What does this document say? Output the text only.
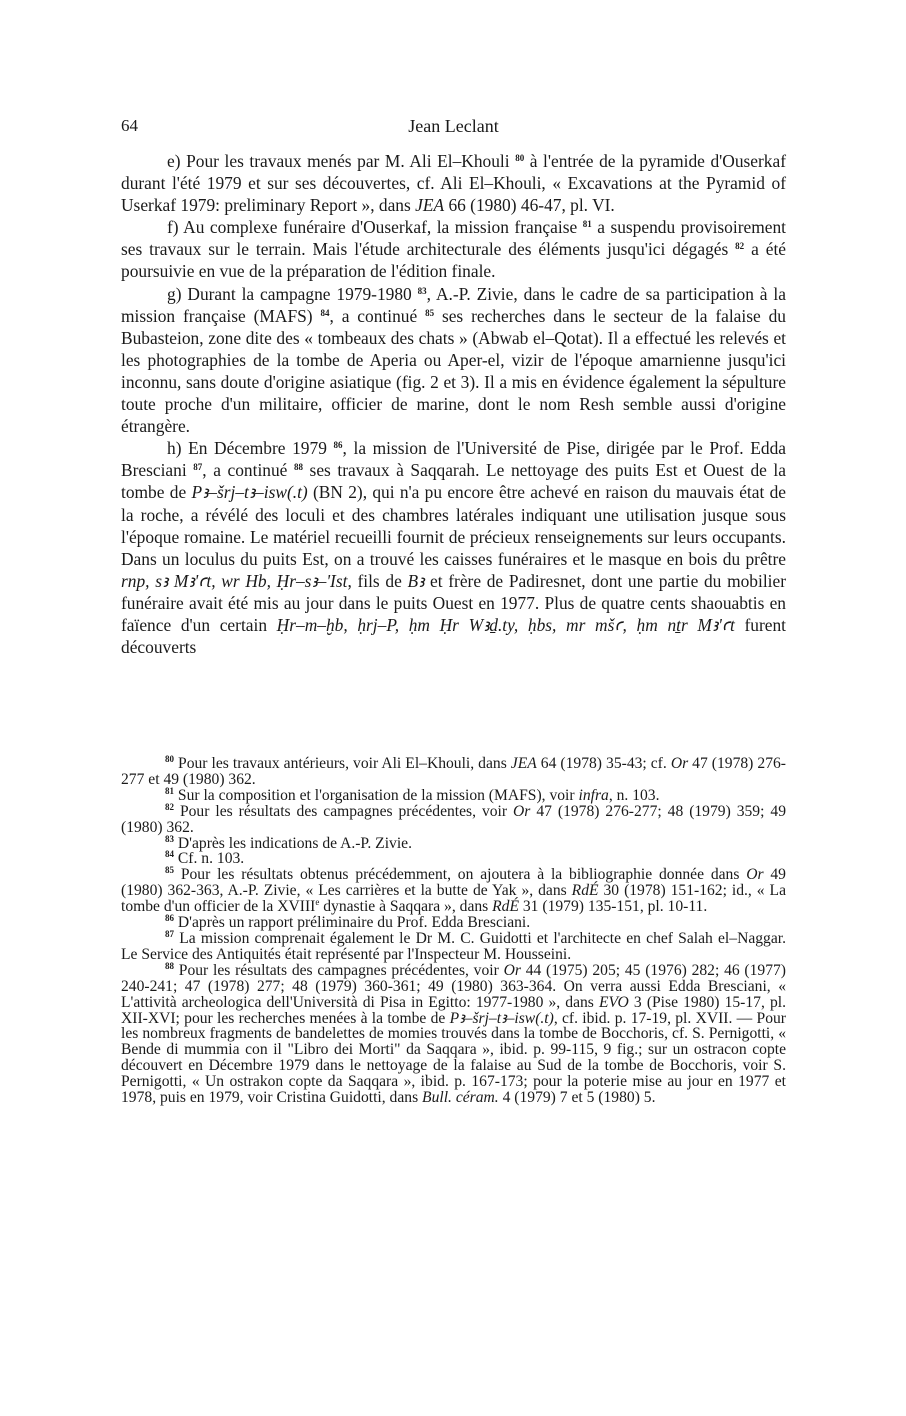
64	Jean Leclant

e) Pour les travaux menés par M. Ali El–Khouli $^{80}$ à l'entrée de la pyramide d'Ouserkaf durant l'été 1979 et sur ses découvertes, cf. Ali El–Khouli, « Excavations at the Pyramid of Userkaf 1979: preliminary Report », dans JEA 66 (1980) 46-47, pl. VI.

f) Au complexe funéraire d'Ouserkaf, la mission française $^{81}$ a suspendu provisoirement ses travaux sur le terrain. Mais l'étude architecturale des éléments jusqu'ici dégagés $^{82}$ a été poursuivie en vue de la préparation de l'édition finale.

g) Durant la campagne 1979-1980 $^{83}$, A.-P. Zivie, dans le cadre de sa participation à la mission française (MAFS) $^{84}$, a continué $^{85}$ ses recherches dans le secteur de la falaise du Bubasteion, zone dite des « tombeaux des chats » (Abwab el–Qotat). Il a effectué les relevés et les photographies de la tombe de Aperia ou Aper-el, vizir de l'époque amarnienne jusqu'ici inconnu, sans doute d'origine asiatique (fig. 2 et 3). Il a mis en évidence également la sépulture toute proche d'un militaire, officier de marine, dont le nom Resh semble aussi d'origine étrangère.

h) En Décembre 1979 $^{86}$, la mission de l'Université de Pise, dirigée par le Prof. Edda Bresciani $^{87}$, a continué $^{88}$ ses travaux à Saqqarah. Le nettoyage des puits Est et Ouest de la tombe de Pꜣ–šrj–tꜣ–isw(.t) (BN 2), qui n'a pu encore être achevé en raison du mauvais état de la roche, a révélé des loculi et des chambres latérales indiquant une utilisation jusque sous l'époque romaine. Le matériel recueilli fournit de précieux renseignements sur leurs occupants. Dans un loculus du puits Est, on a trouvé les caisses funéraires et le masque en bois du prêtre rnp, sꜣ Mꜣ'ꜥt, wr Hb, Ḥr–sꜣ–'Ist, fils de Bꜣ et frère de Padiresnet, dont une partie du mobilier funéraire avait été mis au jour dans le puits Ouest en 1977. Plus de quatre cents shaouabtis en faïence d'un certain Ḥr–m–ḫb, ḥrj–P, ḥm Ḥr Wꜣḏ.ty, ḥbs, mr mšꜥ, ḥm nṯr Mꜣ'ꜥt furent découverts

$^{80}$ Pour les travaux antérieurs, voir Ali El–Khouli, dans JEA 64 (1978) 35-43; cf. Or 47 (1978) 276-277 et 49 (1980) 362.

$^{81}$ Sur la composition et l'organisation de la mission (MAFS), voir infra, n. 103.

$^{82}$ Pour les résultats des campagnes précédentes, voir Or 47 (1978) 276-277; 48 (1979) 359; 49 (1980) 362.

$^{83}$ D'après les indications de A.-P. Zivie.

$^{84}$ Cf. n. 103.

$^{85}$ Pour les résultats obtenus précédemment, on ajoutera à la bibliographie donnée dans Or 49 (1980) 362-363, A.-P. Zivie, « Les carrières et la butte de Yak », dans RdÉ 30 (1978) 151-162; id., « La tombe d'un officier de la XVIIIe dynastie à Saqqara », dans RdÉ 31 (1979) 135-151, pl. 10-11.

$^{86}$ D'après un rapport préliminaire du Prof. Edda Bresciani.

$^{87}$ La mission comprenait également le Dr M. C. Guidotti et l'architecte en chef Salah el–Naggar. Le Service des Antiquités était représenté par l'Inspecteur M. Housseini.

$^{88}$ Pour les résultats des campagnes précédentes, voir Or 44 (1975) 205; 45 (1976) 282; 46 (1977) 240-241; 47 (1978) 277; 48 (1979) 360-361; 49 (1980) 363-364. On verra aussi Edda Bresciani, « L'attività archeologica dell'Università di Pisa in Egitto: 1977-1980 », dans EVO 3 (Pise 1980) 15-17, pl. XII-XVI; pour les recherches menées à la tombe de Pꜣ–šrj–tꜣ–isw(.t), cf. ibid. p. 17-19, pl. XVII. — Pour les nombreux fragments de bandelettes de momies trouvés dans la tombe de Bocchoris, cf. S. Pernigotti, « Bende di mummia con il "Libro dei Morti" da Saqqara », ibid. p. 99-115, 9 fig.; sur un ostracon copte découvert en Décembre 1979 dans le nettoyage de la falaise au Sud de la tombe de Bocchoris, voir S. Pernigotti, « Un ostrakon copte da Saqqara », ibid. p. 167-173; pour la poterie mise au jour en 1977 et 1978, puis en 1979, voir Cristina Guidotti, dans Bull. céram. 4 (1979) 7 et 5 (1980) 5.
